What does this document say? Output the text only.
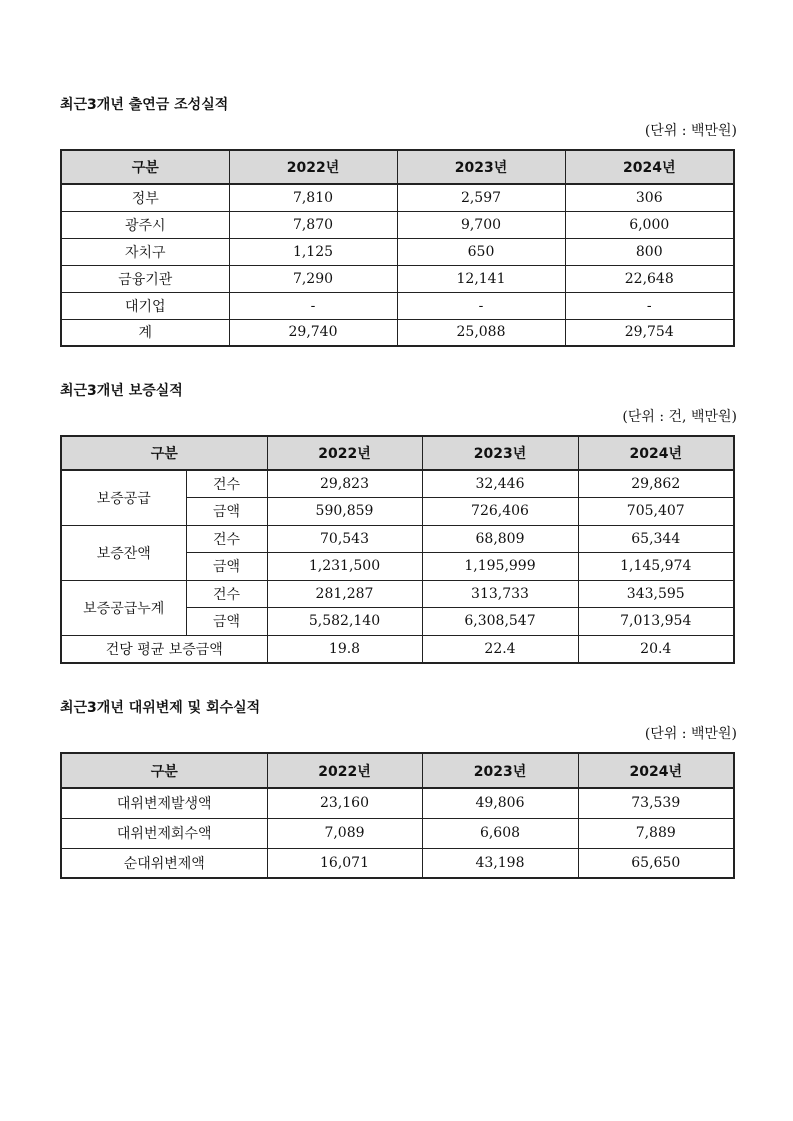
최근3개년 출연금 조성실적
(단위 : 백만원)
구분	2022년	2023년	2024년
정부	7,810	2,597	306
광주시	7,870	9,700	6,000
자치구	1,125	650	800
금융기관	7,290	12,141	22,648
대기업	-	-	-
계	29,740	25,088	29,754
최근3개년 보증실적
(단위 : 건, 백만원)
구분		2022년	2023년	2024년
보증공급	건수	29,823	32,446	29,862
	금액	590,859	726,406	705,407
보증잔액	건수	70,543	68,809	65,344
	금액	1,231,500	1,195,999	1,145,974
보증공급누계	건수	281,287	313,733	343,595
	금액	5,582,140	6,308,547	7,013,954
건당 평균 보증금액		19.8	22.4	20.4
최근3개년 대위변제 및 회수실적
(단위 : 백만원)
구분	2022년	2023년	2024년
대위변제발생액	23,160	49,806	73,539
대위번제회수액	7,089	6,608	7,889
순대위변제액	16,071	43,198	65,650
